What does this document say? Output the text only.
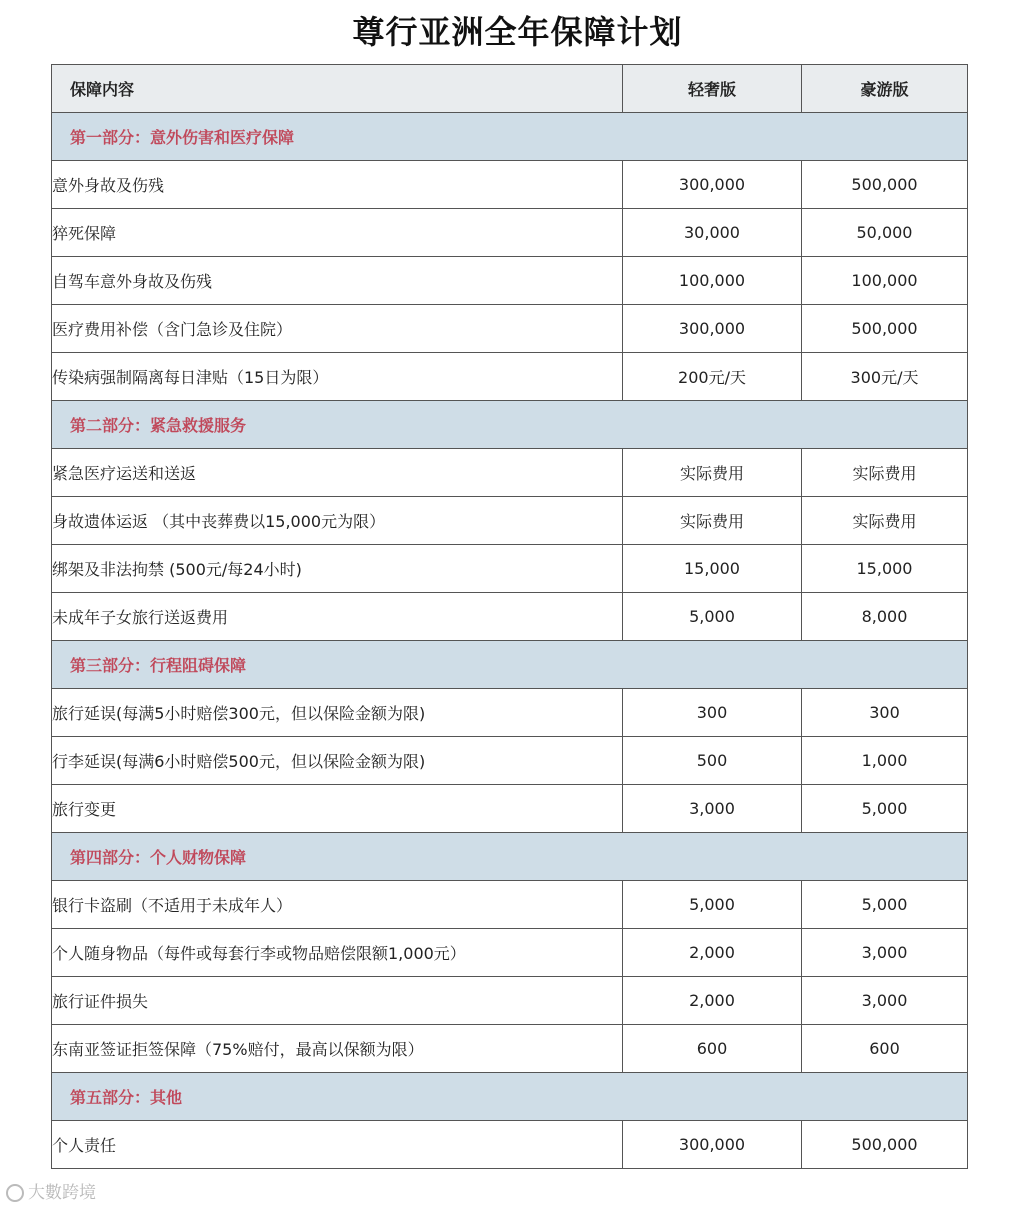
尊行亚洲全年保障计划
保障内容	轻奢版	豪游版
第一部分：意外伤害和医疗保障		
意外身故及伤残	300,000	500,000
猝死保障	30,000	50,000
自驾车意外身故及伤残	100,000	100,000
医疗费用补偿（含门急诊及住院）	300,000	500,000
传染病强制隔离每日津贴（15日为限）	200元/天	300元/天
第二部分：紧急救援服务		
紧急医疗运送和送返	实际费用	实际费用
身故遗体运返 （其中丧葬费以15,000元为限）	实际费用	实际费用
绑架及非法拘禁 (500元/每24小时)	15,000	15,000
未成年子女旅行送返费用	5,000	8,000
第三部分：行程阻碍保障		
旅行延误(每满5小时赔偿300元，但以保险金额为限)	300	300
行李延误(每满6小时赔偿500元，但以保险金额为限)	500	1,000
旅行变更	3,000	5,000
第四部分：个人财物保障		
银行卡盗刷（不适用于未成年人）	5,000	5,000
个人随身物品（每件或每套行李或物品赔偿限额1,000元）	2,000	3,000
旅行证件损失	2,000	3,000
东南亚签证拒签保障（75%赔付，最高以保额为限）	600	600
第五部分：其他		
个人责任	300,000	500,000
大數跨境
